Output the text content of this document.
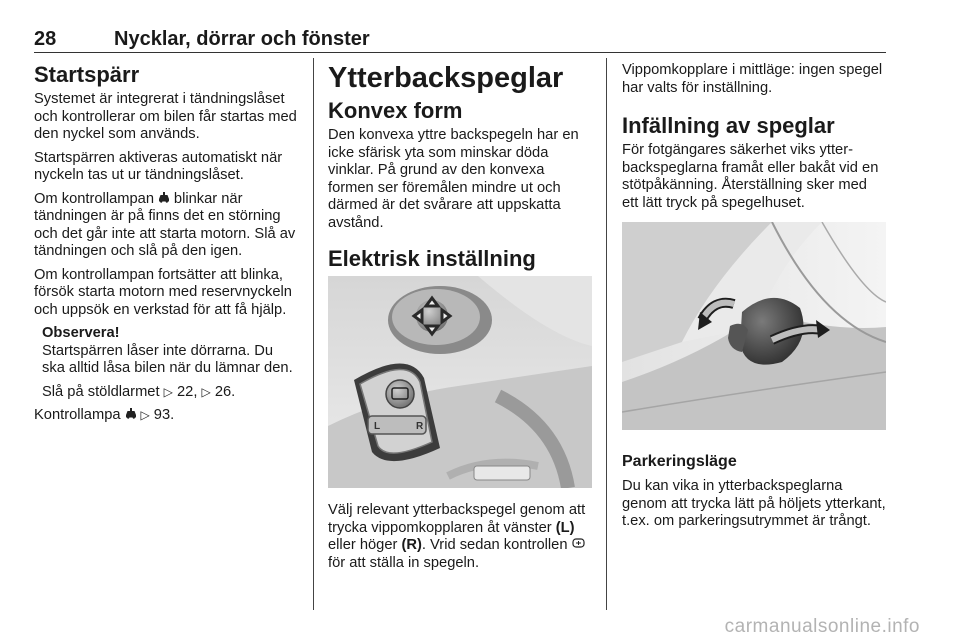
28	Nycklar, dörrar och fönster
Startspärr

Systemet är integrerat i tändningslåset och kontrollerar om bilen får startas med den nyckel som används.

Startspärren aktiveras automatiskt när nyckeln tas ut ur tändningslåset.

Om kontrollampan blinkar när tändningen är på finns det en störning och det går inte att starta motorn. Slå av tändningen och slå på den igen.

Om kontrollampan fortsätter att blinka, försök starta motorn med reservnyckeln och uppsök en verkstad för att få hjälp.

Observera!

Startspärren låser inte dörrarna. Du ska alltid låsa bilen när du lämnar den.

Slå på stöldlarmet ▷ 22, ▷ 26.

Kontrollampa ▷ 93.

Ytterbackspeglar
Konvex form

Den konvexa yttre backspegeln har en icke sfärisk yta som minskar döda vinklar. På grund av den konvexa formen ser föremålen mindre ut och därmed är det svårare att uppskatta avstånd.

Elektrisk inställning
L	R

Välj relevant ytterbackspegel genom att trycka vippomkopplaren åt vänster (L) eller höger (R). Vrid sedan kontrollen  för att ställa in spegeln.

Vippomkopplare i mittläge: ingen spegel har valts för inställning.

Infällning av speglar

För fotgängares säkerhet viks ytterbackspeglarna framåt eller bakåt vid en stötpåkänning. Återställning sker med ett lätt tryck på spegelhuset.

Parkeringsläge

Du kan vika in ytterbackspeglarna genom att trycka lätt på höljets ytterkant, t.ex. om parkeringsutrymmet är trångt.

carmanualsonline.info
